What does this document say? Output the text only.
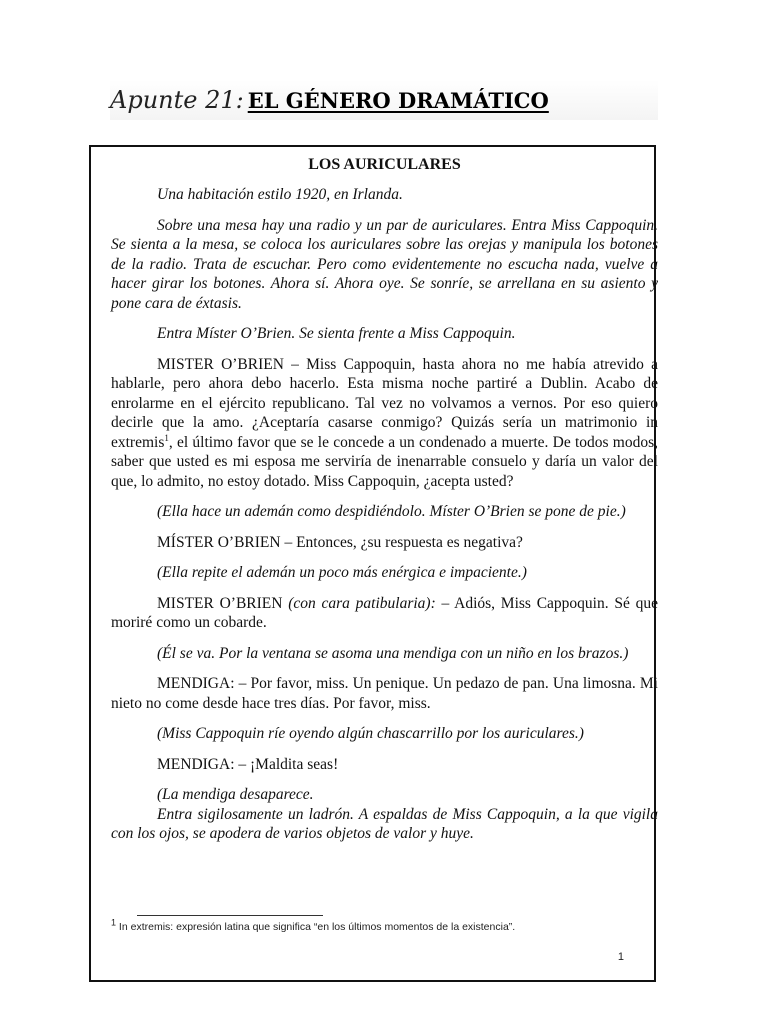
Apunte 21: EL GÉNERO DRAMÁTICO

LOS AURICULARES

Una habitación estilo 1920, en Irlanda.

Sobre una mesa hay una radio y un par de auriculares. Entra Miss Cappoquin. Se sienta a la mesa, se coloca los auriculares sobre las orejas y manipula los botones de la radio. Trata de escuchar. Pero como evidentemente no escucha nada, vuelve a hacer girar los botones. Ahora sí. Ahora oye. Se sonríe, se arrellana en su asiento y pone cara de éxtasis.

Entra Míster O’Brien. Se sienta frente a Miss Cappoquin.

MISTER O’BRIEN – Miss Cappoquin, hasta ahora no me había atrevido a hablarle, pero ahora debo hacerlo. Esta misma noche partiré a Dublin. Acabo de enrolarme en el ejército republicano. Tal vez no volvamos a vernos. Por eso quiero decirle que la amo. ¿Aceptaría casarse conmigo? Quizás sería un matrimonio in extremis$^1$, el último favor que se le concede a un condenado a muerte. De todos modos, saber que usted es mi esposa me serviría de inenarrable consuelo y daría un valor del que, lo admito, no estoy dotado. Miss Cappoquin, ¿acepta usted?

(Ella hace un ademán como despidiéndolo. Míster O’Brien se pone de pie.)

MÍSTER O’BRIEN – Entonces, ¿su respuesta es negativa?

(Ella repite el ademán un poco más enérgica e impaciente.)

MISTER O’BRIEN (con cara patibularia): – Adiós, Miss Cappoquin. Sé que moriré como un cobarde.

(Él se va. Por la ventana se asoma una mendiga con un niño en los brazos.)

MENDIGA: – Por favor, miss. Un penique. Un pedazo de pan. Una limosna. Mi nieto no come desde hace tres días. Por favor, miss.

(Miss Cappoquin ríe oyendo algún chascarrillo por los auriculares.)

MENDIGA: – ¡Maldita seas!

(La mendiga desaparece.

Entra sigilosamente un ladrón. A espaldas de Miss Cappoquin, a la que vigila con los ojos, se apodera de varios objetos de valor y huye.

$^1$ In extremis: expresión latina que significa “en los últimos momentos de la existencia”.
1
